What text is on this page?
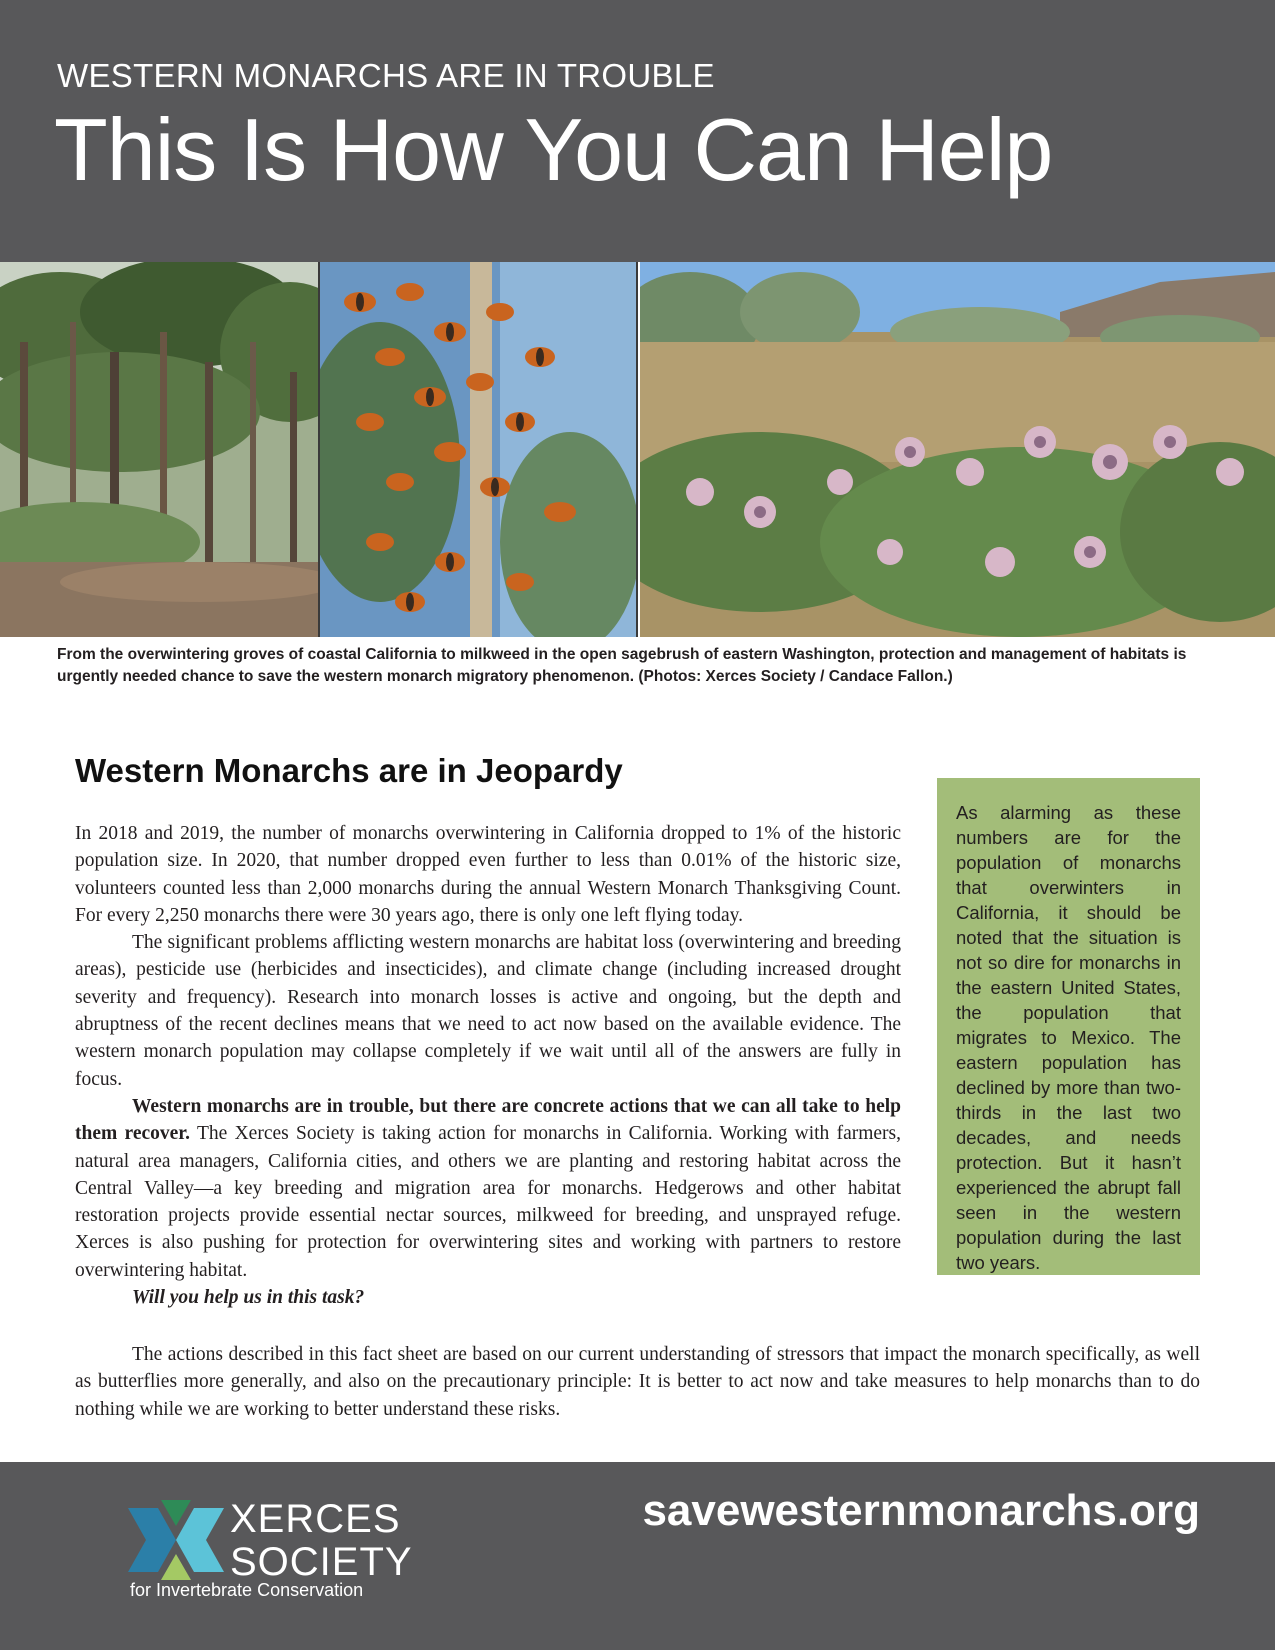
WESTERN MONARCHS ARE IN TROUBLE
This Is How You Can Help
From the overwintering groves of coastal California to milkweed in the open sagebrush of eastern Washington, protection and management of habitats is urgently needed chance to save the western monarch migratory phenomenon. (Photos: Xerces Society / Candace Fallon.)
Western Monarchs are in Jeopardy

In 2018 and 2019, the number of monarchs overwintering in California dropped to 1% of the historic population size. In 2020, that number dropped even further to less than 0.01% of the historic size, volunteers counted less than 2,000 monarchs during the annual Western Monarch Thanksgiving Count. For every 2,250 monarchs there were 30 years ago, there is only one left flying today.

The significant problems afflicting western monarchs are habitat loss (overwintering and breeding areas), pesticide use (herbicides and insecticides), and climate change (including increased drought severity and frequency). Research into monarch losses is active and ongoing, but the depth and abruptness of the recent declines means that we need to act now based on the available evidence. The western monarch population may collapse completely if we wait until all of the answers are fully in focus.

Western monarchs are in trouble, but there are concrete actions that we can all take to help them recover. The Xerces Society is taking action for monarchs in California. Working with farmers, natural area managers, California cities, and others we are planting and restoring habitat across the Central Valley—a key breeding and migration area for monarchs. Hedgerows and other habitat restoration projects provide essential nectar sources, milkweed for breeding, and unsprayed refuge. Xerces is also pushing for protection for overwintering sites and working with partners to restore overwintering habitat.

Will you help us in this task?

The actions described in this fact sheet are based on our current understanding of stressors that impact the monarch specifically, as well as butterflies more generally, and also on the precautionary principle: It is better to act now and take measures to help monarchs than to do nothing while we are working to better understand these risks.

As alarming as these numbers are for the population of monarchs that overwinters in California, it should be noted that the situation is not so dire for monarchs in the eastern United States, the population that migrates to Mexico. The eastern population has declined by more than two-thirds in the last two decades, and needs protection. But it hasn’t experienced the abrupt fall seen in the western population during the last two years.

XERCES
SOCIETY
for Invertebrate Conservation
savewesternmonarchs.org
